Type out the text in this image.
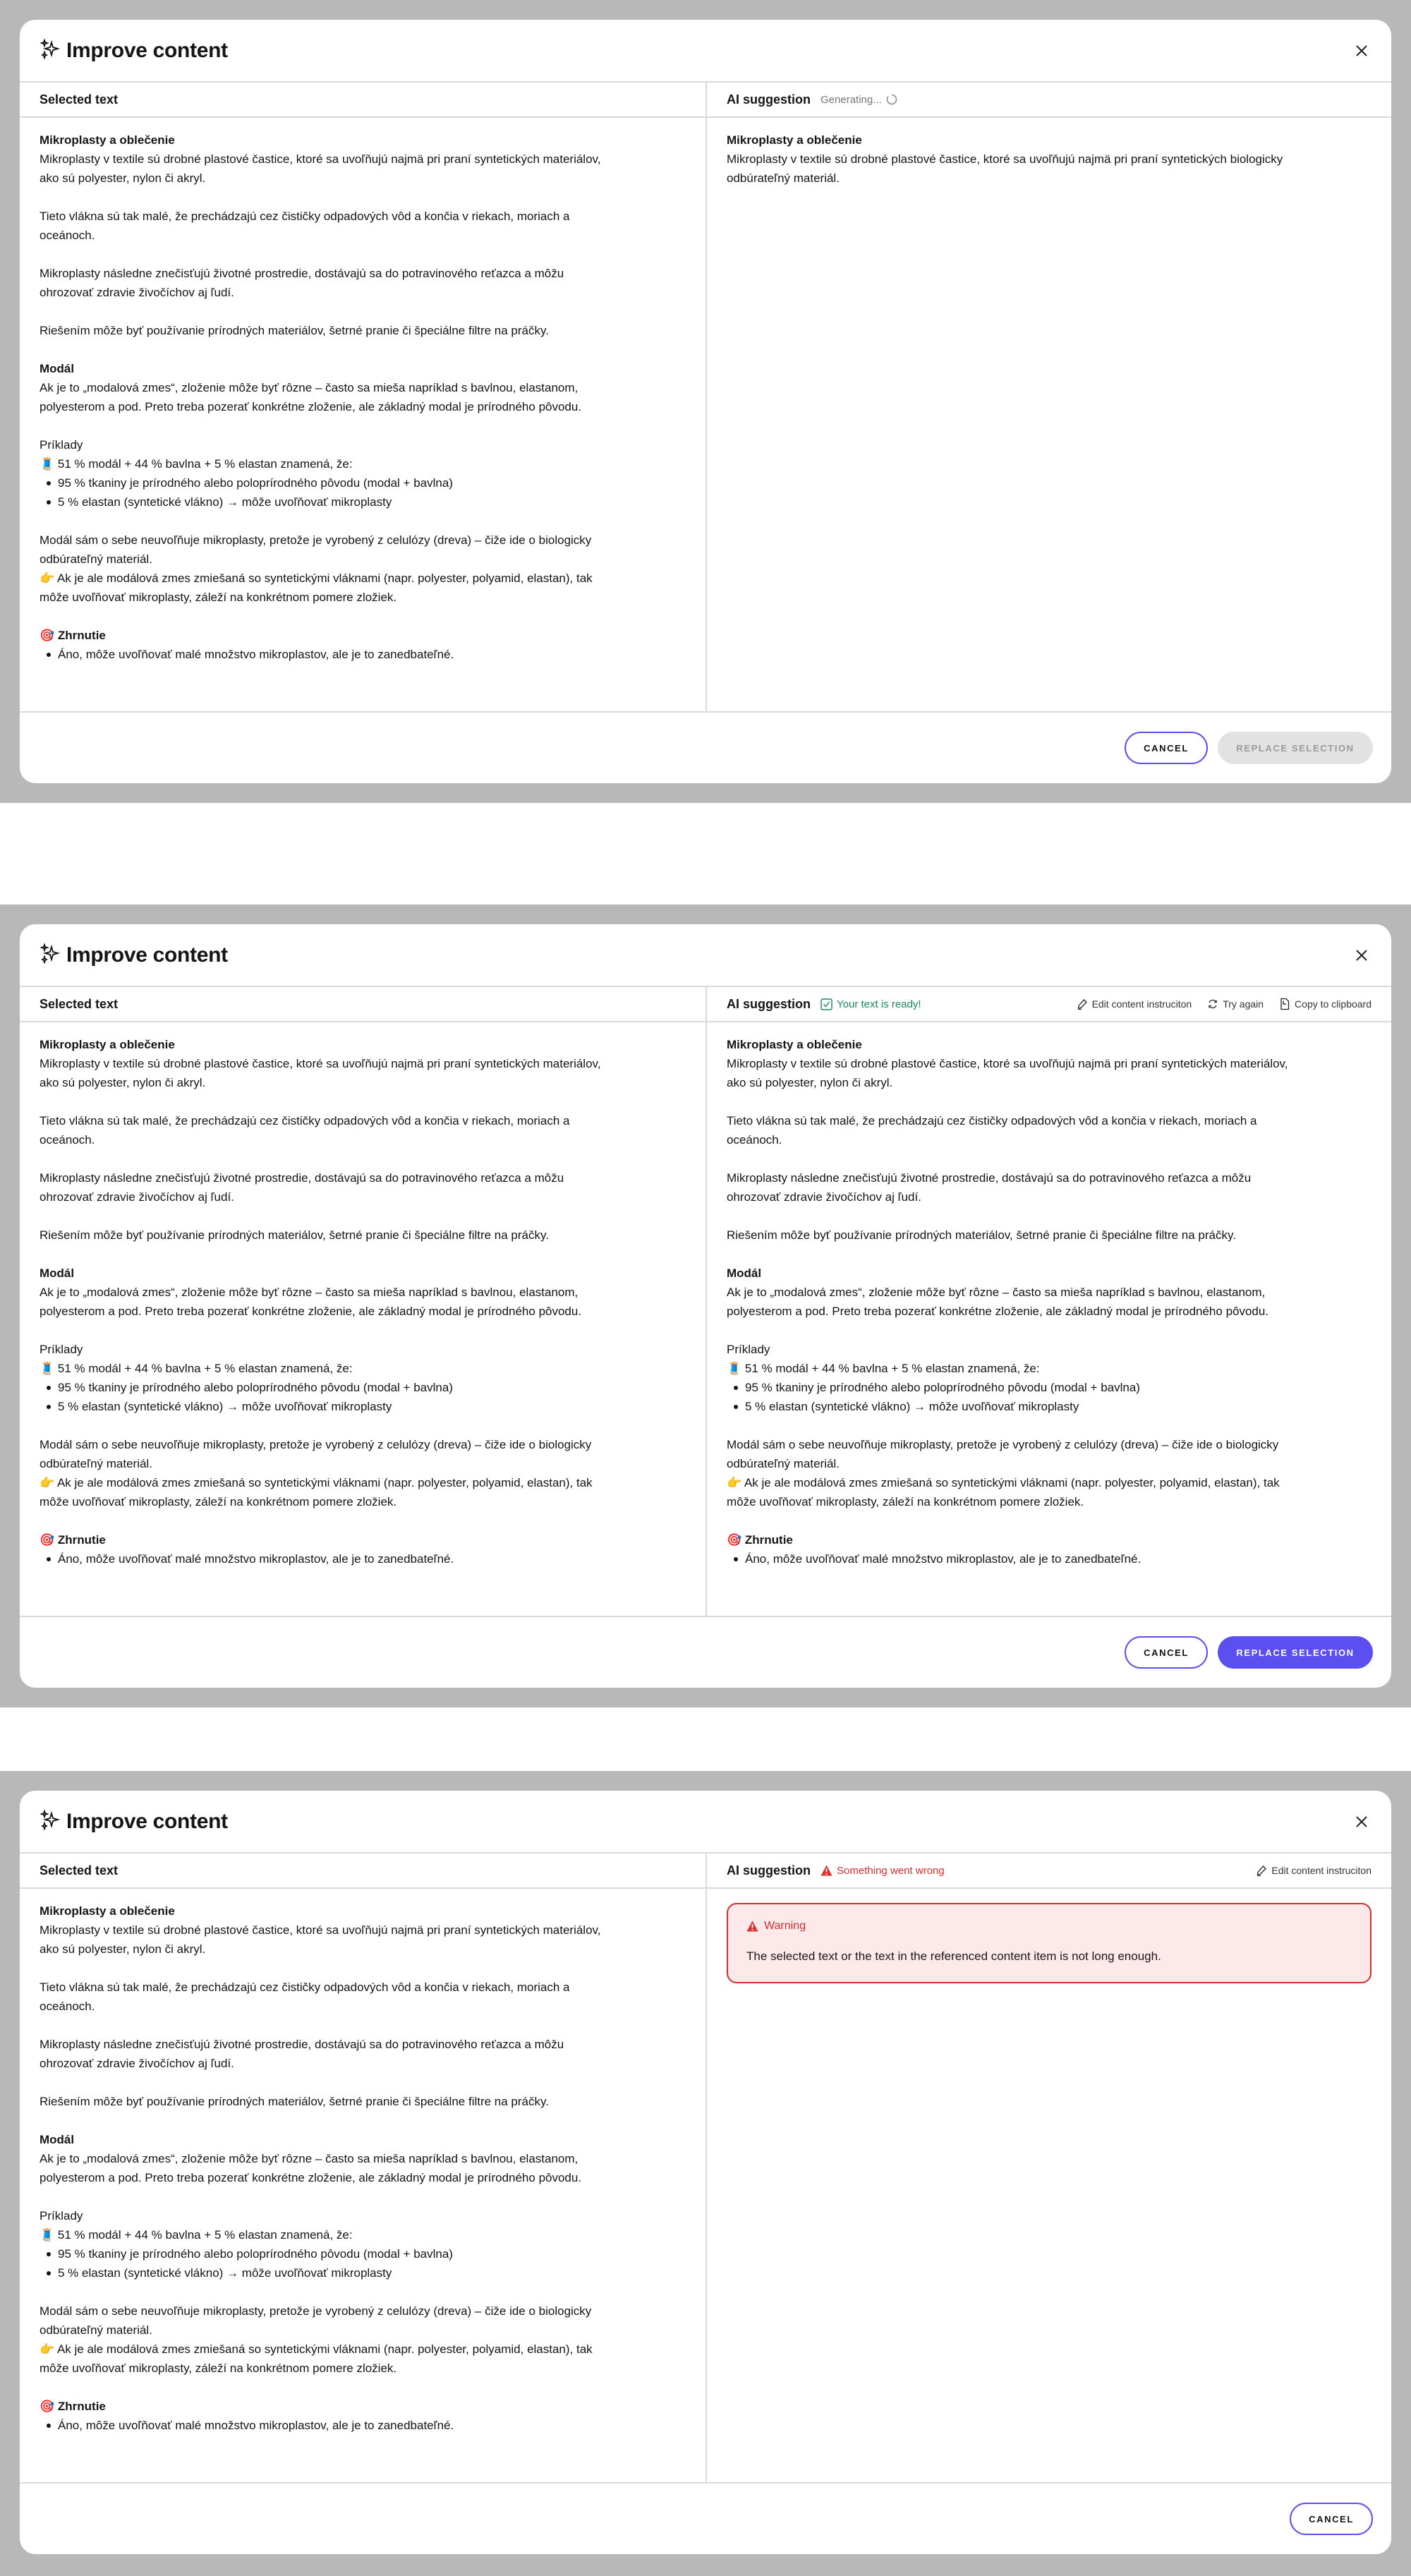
Improve content
Selected text
Mikroplasty a oblečenie
Mikroplasty v textile sú drobné plastové častice, ktoré sa uvoľňujú najmä pri praní syntetických materiálov,
ako sú polyester, nylon či akryl.
Tieto vlákna sú tak malé, že prechádzajú cez čističky odpadových vôd a končia v riekach, moriach a
oceánoch.
Mikroplasty následne znečisťujú životné prostredie, dostávajú sa do potravinového reťazca a môžu
ohrozovať zdravie živočíchov aj ľudí.
Riešením môže byť používanie prírodných materiálov, šetrné pranie či špeciálne filtre na práčky.
Modál
Ak je to „modalová zmes“, zloženie môže byť rôzne – často sa mieša napríklad s bavlnou, elastanom,
polyesterom a pod. Preto treba pozerať konkrétne zloženie, ale základný modal je prírodného pôvodu.
Príklady
🧵 51 % modál + 44 % bavlna + 5 % elastan znamená, že:
95 % tkaniny je prírodného alebo poloprírodného pôvodu (modal + bavlna)
5 % elastan (syntetické vlákno) → môže uvoľňovať mikroplasty
Modál sám o sebe neuvoľňuje mikroplasty, pretože je vyrobený z celulózy (dreva) – čiže ide o biologicky
odbúrateľný materiál.
👉 Ak je ale modálová zmes zmiešaná so syntetickými vláknami (napr. polyester, polyamid, elastan), tak
môže uvoľňovať mikroplasty, záleží na konkrétnom pomere zložiek.
🎯 Zhrnutie
Áno, môže uvoľňovať malé množstvo mikroplastov, ale je to zanedbateľné.
AI suggestion Generating...
Mikroplasty a oblečenie
Mikroplasty v textile sú drobné plastové častice, ktoré sa uvoľňujú najmä pri praní syntetických biologicky
odbúrateľný materiál.
CANCEL	REPLACE SELECTION
Improve content
Selected text
Mikroplasty a oblečenie
Mikroplasty v textile sú drobné plastové častice, ktoré sa uvoľňujú najmä pri praní syntetických materiálov,
ako sú polyester, nylon či akryl.
Tieto vlákna sú tak malé, že prechádzajú cez čističky odpadových vôd a končia v riekach, moriach a
oceánoch.
Mikroplasty následne znečisťujú životné prostredie, dostávajú sa do potravinového reťazca a môžu
ohrozovať zdravie živočíchov aj ľudí.
Riešením môže byť používanie prírodných materiálov, šetrné pranie či špeciálne filtre na práčky.
Modál
Ak je to „modalová zmes“, zloženie môže byť rôzne – často sa mieša napríklad s bavlnou, elastanom,
polyesterom a pod. Preto treba pozerať konkrétne zloženie, ale základný modal je prírodného pôvodu.
Príklady
🧵 51 % modál + 44 % bavlna + 5 % elastan znamená, že:
95 % tkaniny je prírodného alebo poloprírodného pôvodu (modal + bavlna)
5 % elastan (syntetické vlákno) → môže uvoľňovať mikroplasty
Modál sám o sebe neuvoľňuje mikroplasty, pretože je vyrobený z celulózy (dreva) – čiže ide o biologicky
odbúrateľný materiál.
👉 Ak je ale modálová zmes zmiešaná so syntetickými vláknami (napr. polyester, polyamid, elastan), tak
môže uvoľňovať mikroplasty, záleží na konkrétnom pomere zložiek.
🎯 Zhrnutie
Áno, môže uvoľňovať malé množstvo mikroplastov, ale je to zanedbateľné.
AI suggestion Your text is ready!	Edit content instruciton	Try again	Copy to clipboard
Mikroplasty a oblečenie
Mikroplasty v textile sú drobné plastové častice, ktoré sa uvoľňujú najmä pri praní syntetických materiálov,
ako sú polyester, nylon či akryl.
Tieto vlákna sú tak malé, že prechádzajú cez čističky odpadových vôd a končia v riekach, moriach a
oceánoch.
Mikroplasty následne znečisťujú životné prostredie, dostávajú sa do potravinového reťazca a môžu
ohrozovať zdravie živočíchov aj ľudí.
Riešením môže byť používanie prírodných materiálov, šetrné pranie či špeciálne filtre na práčky.
Modál
Ak je to „modalová zmes“, zloženie môže byť rôzne – často sa mieša napríklad s bavlnou, elastanom,
polyesterom a pod. Preto treba pozerať konkrétne zloženie, ale základný modal je prírodného pôvodu.
Príklady
🧵 51 % modál + 44 % bavlna + 5 % elastan znamená, že:
95 % tkaniny je prírodného alebo poloprírodného pôvodu (modal + bavlna)
5 % elastan (syntetické vlákno) → môže uvoľňovať mikroplasty
Modál sám o sebe neuvoľňuje mikroplasty, pretože je vyrobený z celulózy (dreva) – čiže ide o biologicky
odbúrateľný materiál.
👉 Ak je ale modálová zmes zmiešaná so syntetickými vláknami (napr. polyester, polyamid, elastan), tak
môže uvoľňovať mikroplasty, záleží na konkrétnom pomere zložiek.
🎯 Zhrnutie
Áno, môže uvoľňovať malé množstvo mikroplastov, ale je to zanedbateľné.
CANCEL	REPLACE SELECTION
Improve content
Selected text
Mikroplasty a oblečenie
Mikroplasty v textile sú drobné plastové častice, ktoré sa uvoľňujú najmä pri praní syntetických materiálov,
ako sú polyester, nylon či akryl.
Tieto vlákna sú tak malé, že prechádzajú cez čističky odpadových vôd a končia v riekach, moriach a
oceánoch.
Mikroplasty následne znečisťujú životné prostredie, dostávajú sa do potravinového reťazca a môžu
ohrozovať zdravie živočíchov aj ľudí.
Riešením môže byť používanie prírodných materiálov, šetrné pranie či špeciálne filtre na práčky.
Modál
Ak je to „modalová zmes“, zloženie môže byť rôzne – často sa mieša napríklad s bavlnou, elastanom,
polyesterom a pod. Preto treba pozerať konkrétne zloženie, ale základný modal je prírodného pôvodu.
Príklady
🧵 51 % modál + 44 % bavlna + 5 % elastan znamená, že:
95 % tkaniny je prírodného alebo poloprírodného pôvodu (modal + bavlna)
5 % elastan (syntetické vlákno) → môže uvoľňovať mikroplasty
Modál sám o sebe neuvoľňuje mikroplasty, pretože je vyrobený z celulózy (dreva) – čiže ide o biologicky
odbúrateľný materiál.
👉 Ak je ale modálová zmes zmiešaná so syntetickými vláknami (napr. polyester, polyamid, elastan), tak
môže uvoľňovať mikroplasty, záleží na konkrétnom pomere zložiek.
🎯 Zhrnutie
Áno, môže uvoľňovať malé množstvo mikroplastov, ale je to zanedbateľné.
AI suggestion Something went wrong	Edit content instruciton
Warning
The selected text or the text in the referenced content item is not long enough.
CANCEL
